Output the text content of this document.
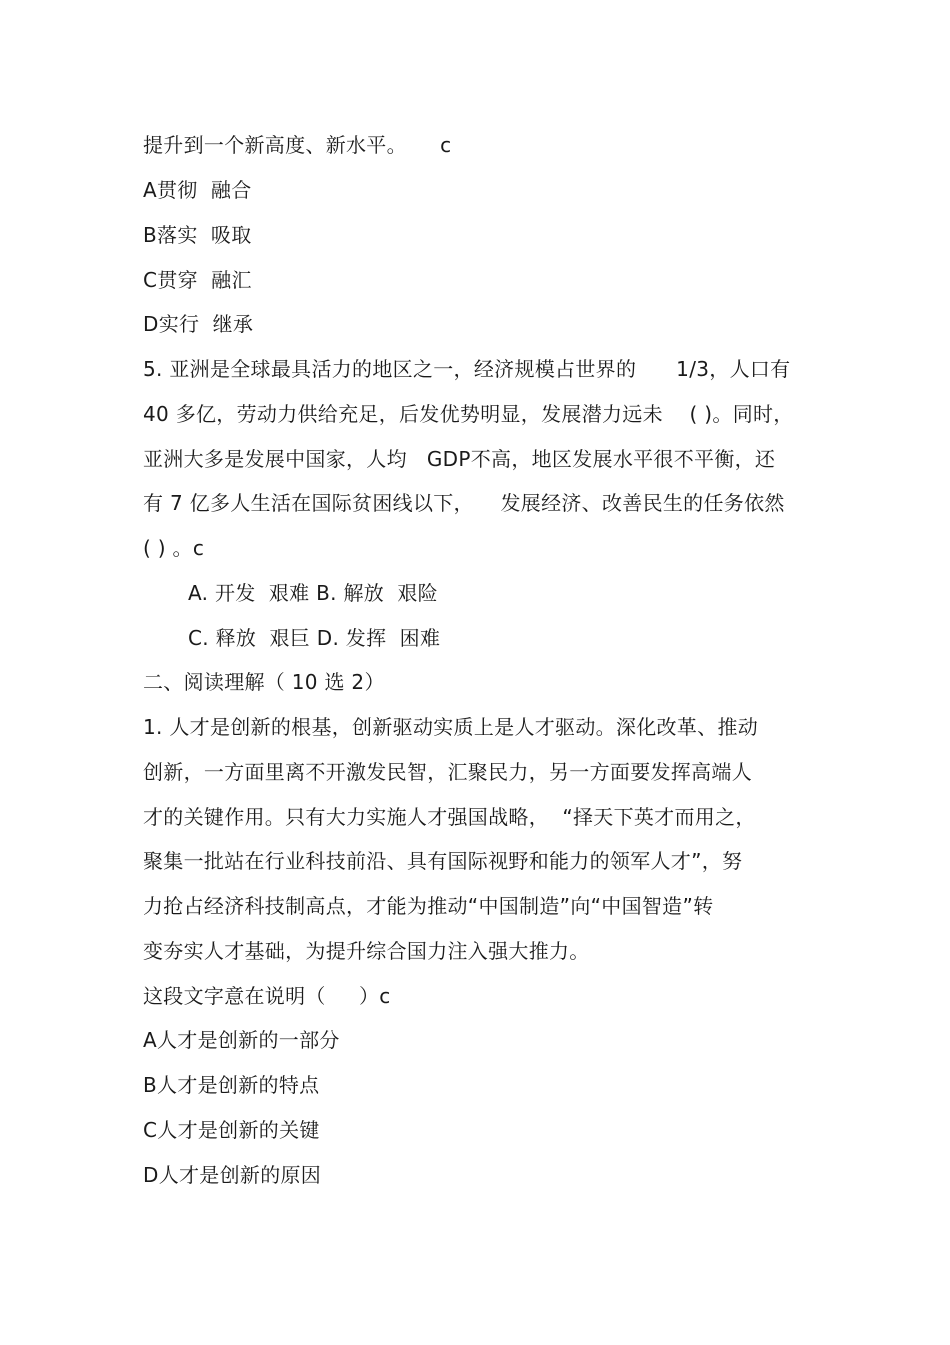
提升到一个新高度、新水平。     c
A贯彻  融合
B落实  吸取
C贯穿  融汇
D实行  继承
5. 亚洲是全球最具活力的地区之一，经济规模占世界的      1/3，人口有
40 多亿，劳动力供给充足，后发优势明显，发展潜力远未    ( )。同时，
亚洲大多是发展中国家，人均   GDP不高，地区发展水平很不平衡，还
有 7 亿多人生活在国际贫困线以下，    发展经济、改善民生的任务依然
( ) 。c
A. 开发  艰难 B. 解放  艰险
C. 释放  艰巨 D. 发挥  困难
二、阅读理解（ 10 选 2）
1. 人才是创新的根基，创新驱动实质上是人才驱动。深化改革、推动
创新，一方面里离不开激发民智，汇聚民力，另一方面要发挥高端人
才的关键作用。只有大力实施人才强国战略，  “择天下英才而用之，
聚集一批站在行业科技前沿、具有国际视野和能力的领军人才”，努
力抢占经济科技制高点，才能为推动“中国制造”向“中国智造”转
变夯实人才基础，为提升综合国力注入强大推力。
这段文字意在说明（     ）c
A人才是创新的一部分
B人才是创新的特点
C人才是创新的关键
D人才是创新的原因
